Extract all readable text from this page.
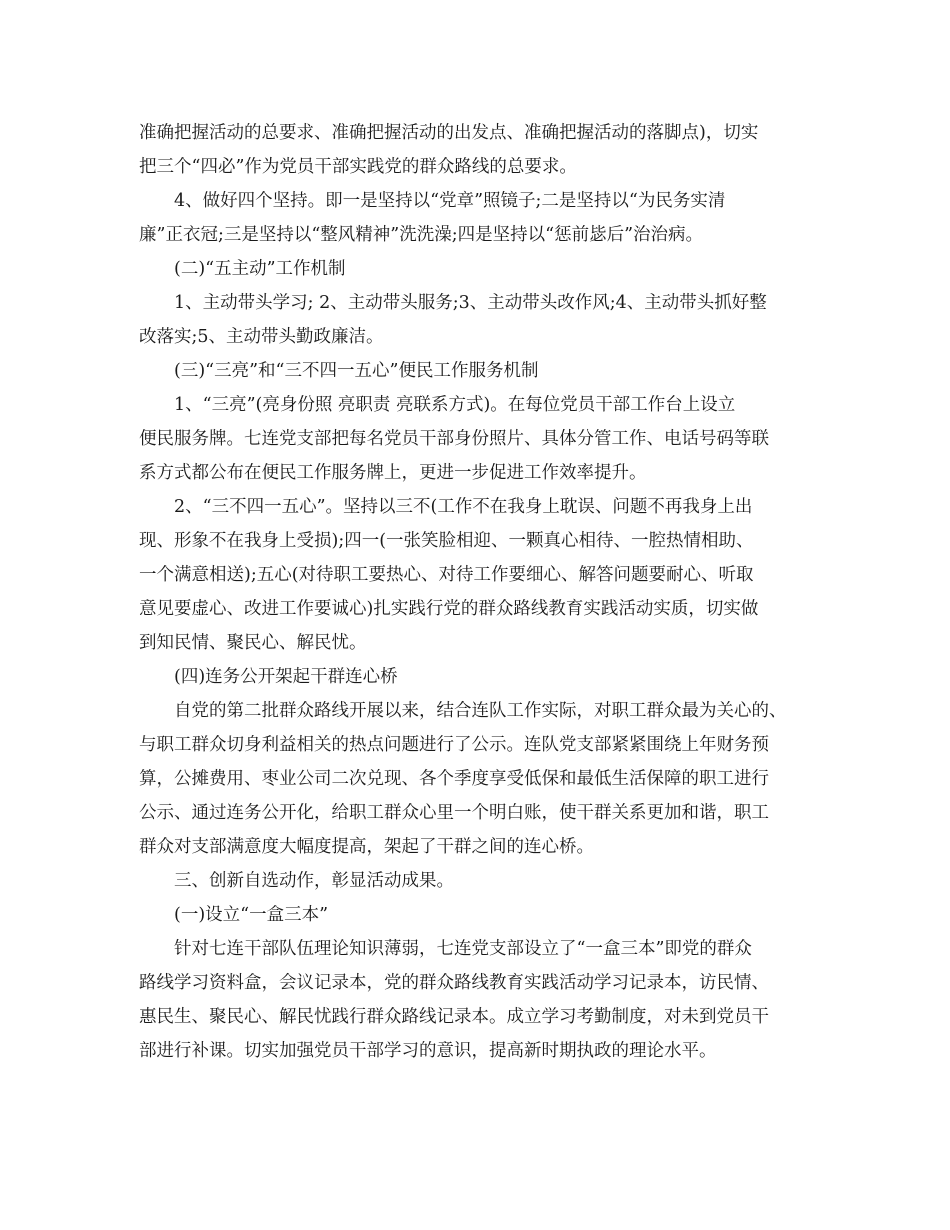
准确把握活动的总要求、准确把握活动的出发点、准确把握活动的落脚点)，切实
把三个“四必”作为党员干部实践党的群众路线的总要求。
4、做好四个坚持。即一是坚持以“党章”照镜子;二是坚持以“为民务实清
廉”正衣冠;三是坚持以“整风精神”洗洗澡;四是坚持以“惩前毖后”治治病。
(二)“五主动”工作机制
1、主动带头学习; 2、主动带头服务;3、主动带头改作风;4、主动带头抓好整
改落实;5、主动带头勤政廉洁。
(三)“三亮”和“三不四一五心”便民工作服务机制
1、“三亮”(亮身份照 亮职责 亮联系方式)。在每位党员干部工作台上设立
便民服务牌。七连党支部把每名党员干部身份照片、具体分管工作、电话号码等联
系方式都公布在便民工作服务牌上，更进一步促进工作效率提升。
2、“三不四一五心”。坚持以三不(工作不在我身上耽误、问题不再我身上出
现、形象不在我身上受损);四一(一张笑脸相迎、一颗真心相待、一腔热情相助、
一个满意相送);五心(对待职工要热心、对待工作要细心、解答问题要耐心、听取
意见要虚心、改进工作要诚心)扎实践行党的群众路线教育实践活动实质，切实做
到知民情、聚民心、解民忧。
(四)连务公开架起干群连心桥
自党的第二批群众路线开展以来，结合连队工作实际，对职工群众最为关心的、
与职工群众切身利益相关的热点问题进行了公示。连队党支部紧紧围绕上年财务预
算，公摊费用、枣业公司二次兑现、各个季度享受低保和最低生活保障的职工进行
公示、通过连务公开化，给职工群众心里一个明白账，使干群关系更加和谐，职工
群众对支部满意度大幅度提高，架起了干群之间的连心桥。
三、创新自选动作，彰显活动成果。
(一)设立“一盒三本”
针对七连干部队伍理论知识薄弱，七连党支部设立了“一盒三本”即党的群众
路线学习资料盒，会议记录本，党的群众路线教育实践活动学习记录本，访民情、
惠民生、聚民心、解民忧践行群众路线记录本。成立学习考勤制度，对未到党员干
部进行补课。切实加强党员干部学习的意识，提高新时期执政的理论水平。
